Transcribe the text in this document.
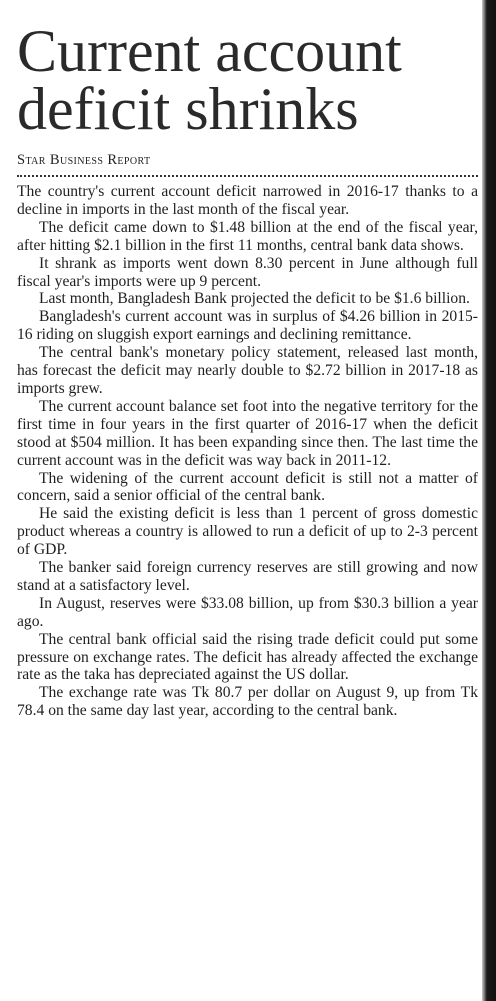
Current account deficit shrinks
Star Business Report

The country's current account deficit narrowed in 2016-17 thanks to a decline in imports in the last month of the fiscal year.

The deficit came down to $1.48 billion at the end of the fiscal year, after hitting $2.1 billion in the first 11 months, central bank data shows.

It shrank as imports went down 8.30 percent in June although full fiscal year's imports were up 9 percent.

Last month, Bangladesh Bank projected the deficit to be $1.6 billion.

Bangladesh's current account was in surplus of $4.26 billion in 2015-16 riding on sluggish export earnings and declining remittance.

The central bank's monetary policy statement, released last month, has forecast the deficit may nearly double to $2.72 billion in 2017-18 as imports grew.

The current account balance set foot into the negative territory for the first time in four years in the first quarter of 2016-17 when the deficit stood at $504 million. It has been expanding since then. The last time the current account was in the deficit was way back in 2011-12.

The widening of the current account deficit is still not a matter of concern, said a senior official of the central bank.

He said the existing deficit is less than 1 percent of gross domestic product whereas a country is allowed to run a deficit of up to 2-3 percent of GDP.

The banker said foreign currency reserves are still growing and now stand at a satisfactory level.

In August, reserves were $33.08 billion, up from $30.3 billion a year ago.

The central bank official said the rising trade deficit could put some pressure on exchange rates. The deficit has already affected the exchange rate as the taka has depreciated against the US dollar.

The exchange rate was Tk 80.7 per dollar on August 9, up from Tk 78.4 on the same day last year, according to the central bank.
